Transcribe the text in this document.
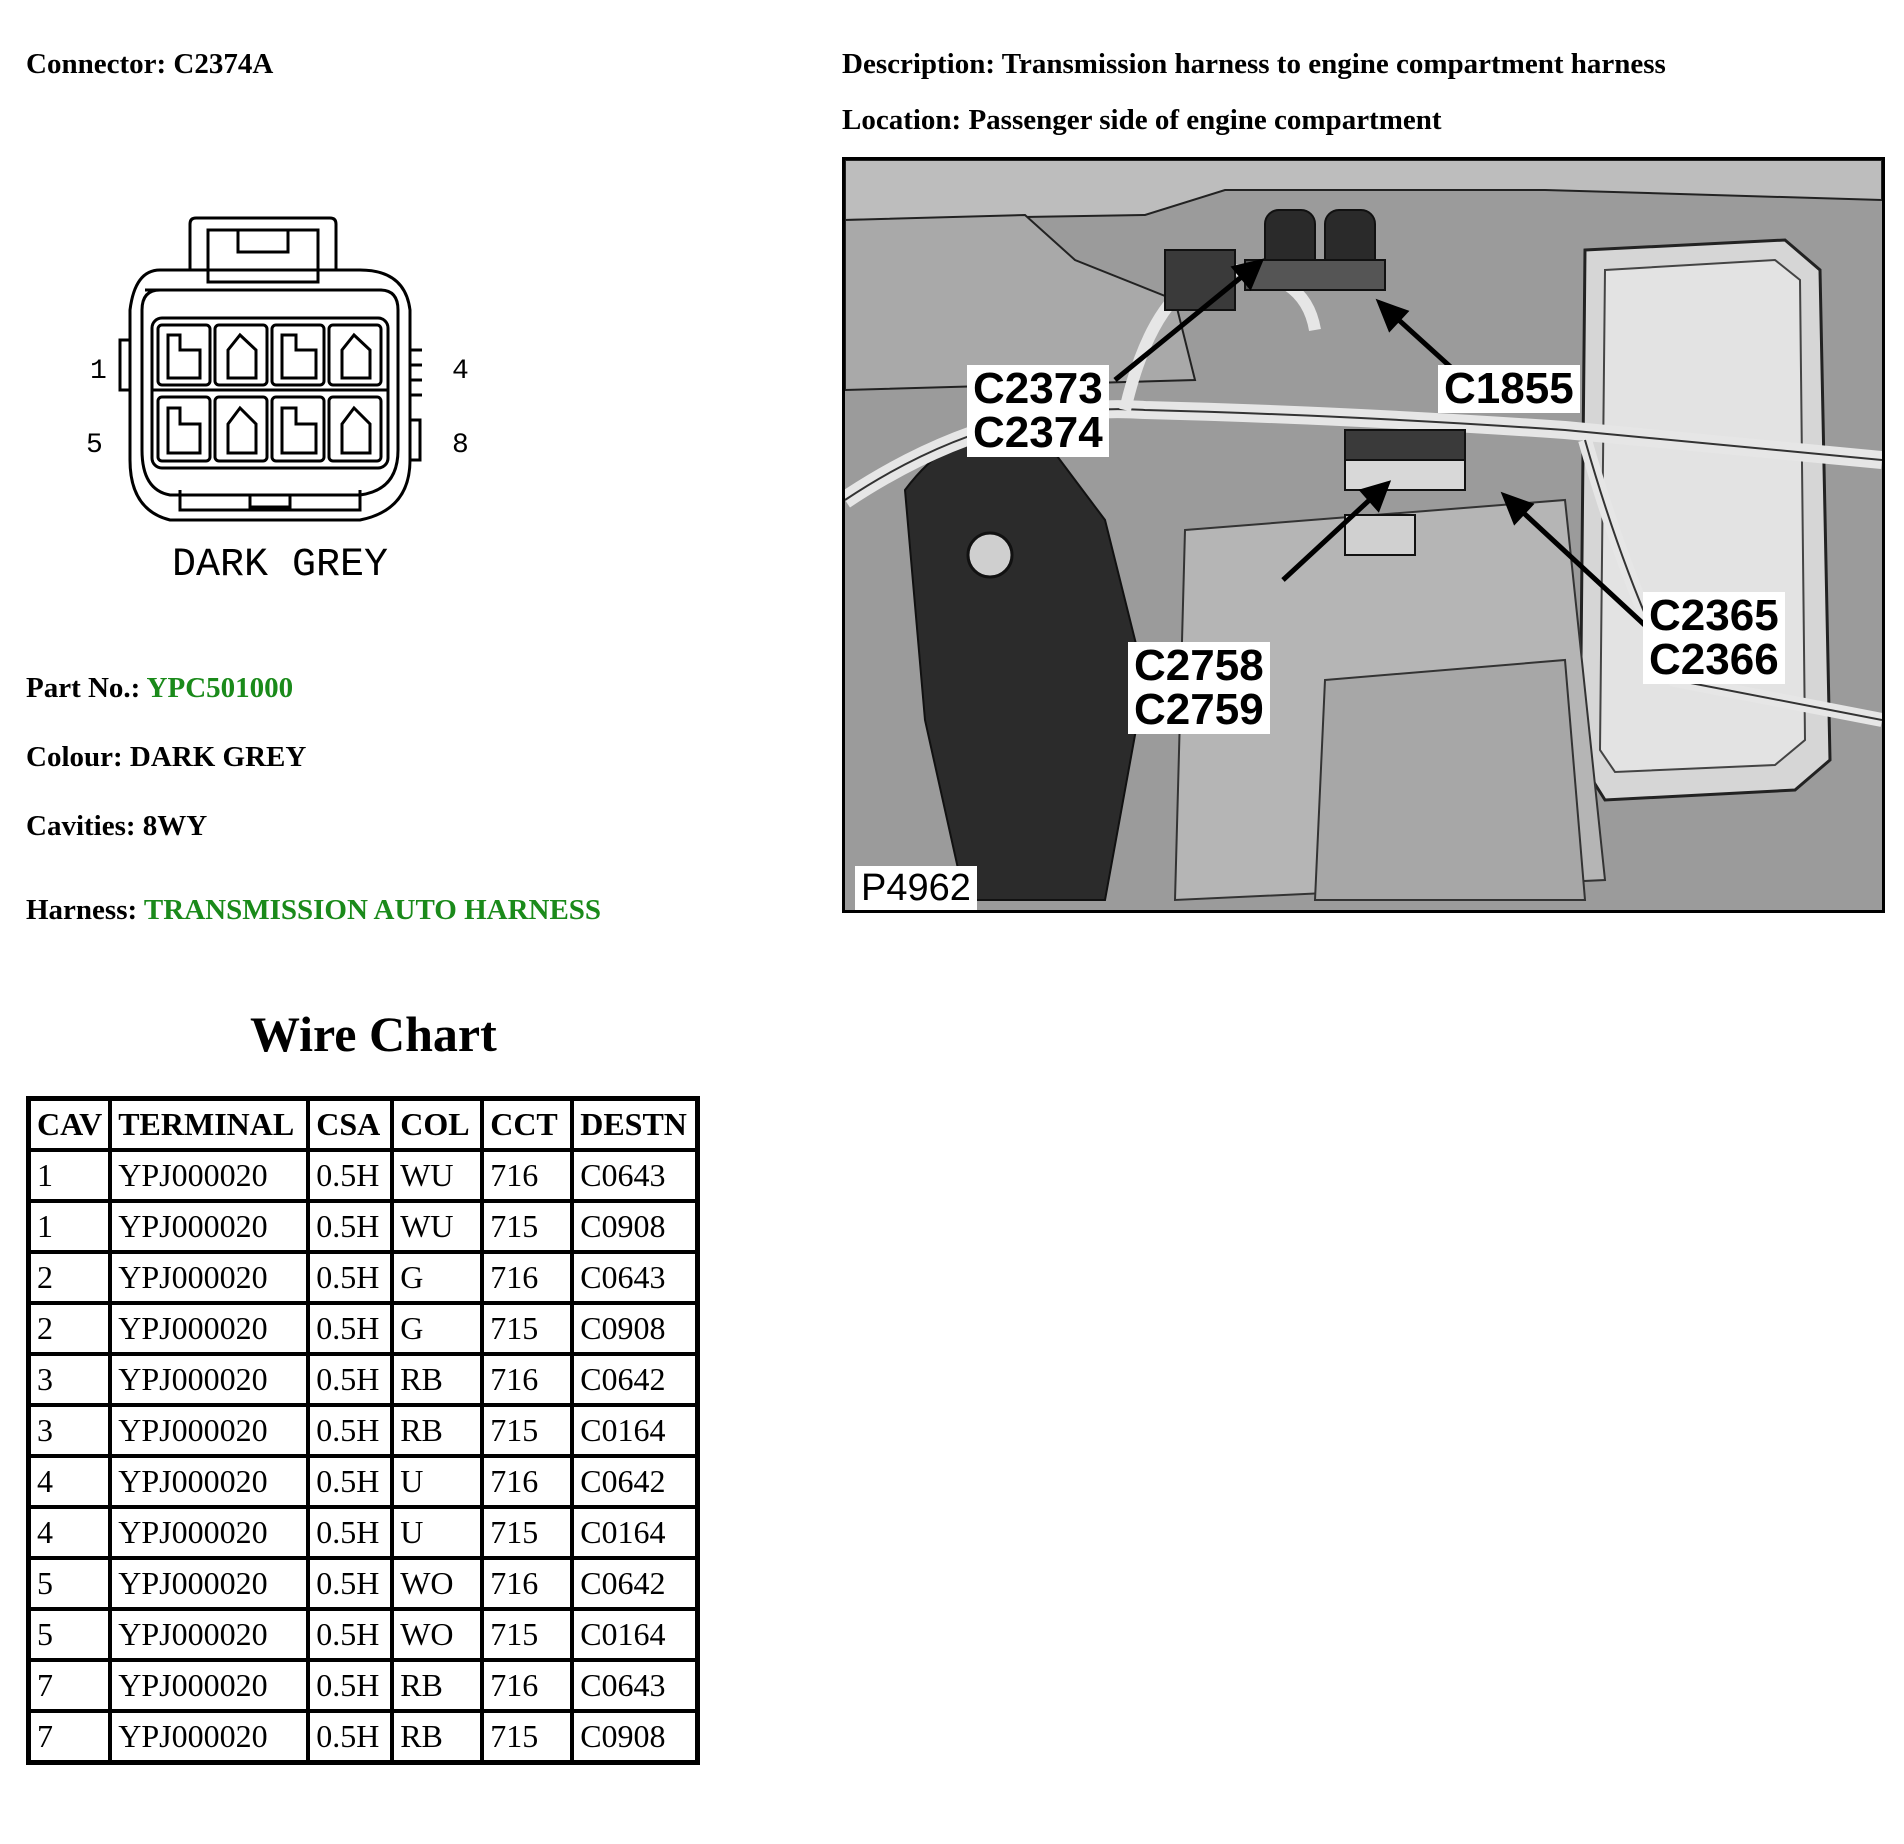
Connector: C2374A	Description: Transmission harness to engine compartment harness
Location: Passenger side of engine compartment
1	4
5	8
DARK GREY
Part No.: YPC501000
Colour: DARK GREY
Cavities: 8WY
Harness: TRANSMISSION AUTO HARNESS
Wire Chart
CAV	TERMINAL	CSA	COL	CCT	DESTN
1	YPJ000020	0.5H	WU	716	C0643
1	YPJ000020	0.5H	WU	715	C0908
2	YPJ000020	0.5H	G	716	C0643
2	YPJ000020	0.5H	G	715	C0908
3	YPJ000020	0.5H	RB	716	C0642
3	YPJ000020	0.5H	RB	715	C0164
4	YPJ000020	0.5H	U	716	C0642
4	YPJ000020	0.5H	U	715	C0164
5	YPJ000020	0.5H	WO	716	C0642
5	YPJ000020	0.5H	WO	715	C0164
7	YPJ000020	0.5H	RB	716	C0643
7	YPJ000020	0.5H	RB	715	C0908
C2373
C2374
C1855
C2365
C2366
C2758
C2759
P4962
